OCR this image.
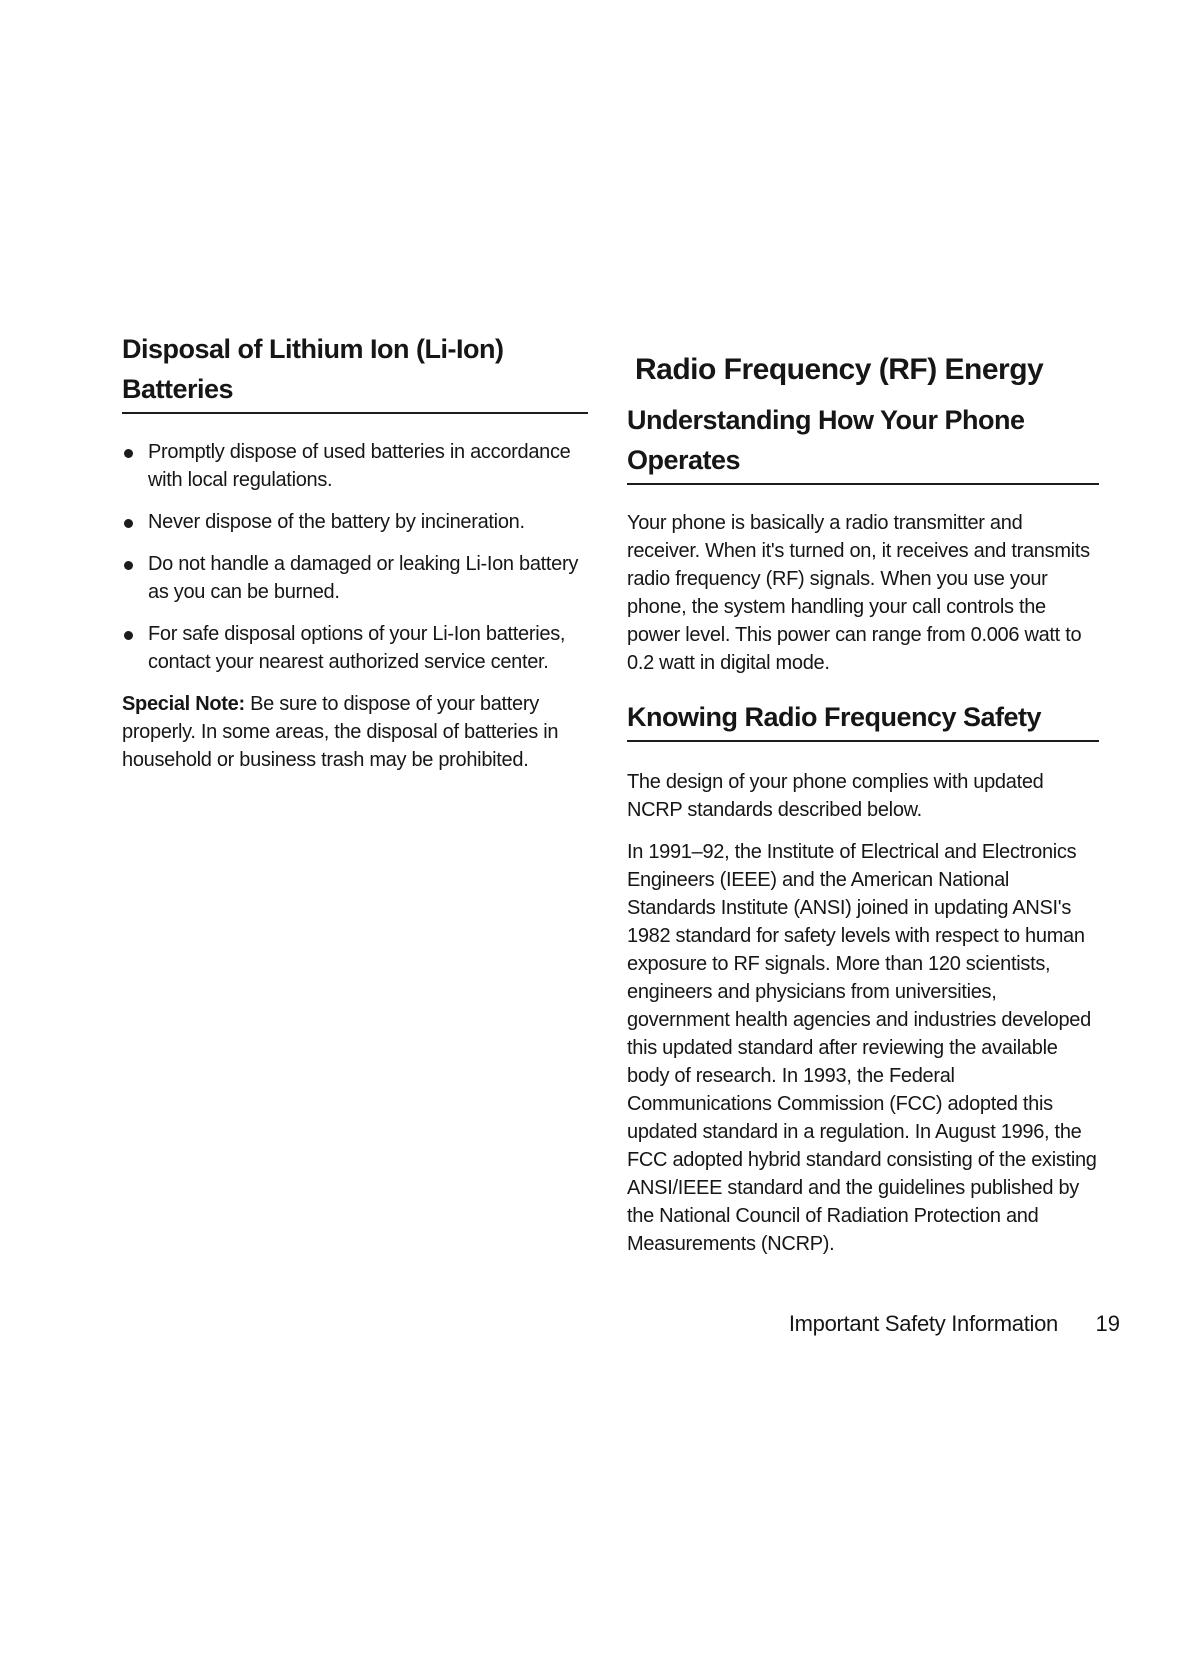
Disposal of Lithium Ion (Li-Ion) Batteries
Promptly dispose of used batteries in accordance with local regulations.
Never dispose of the battery by incineration.
Do not handle a damaged or leaking Li-Ion battery as you can be burned.
For safe disposal options of your Li-Ion batteries, contact your nearest authorized service center.

Special Note: Be sure to dispose of your battery properly. In some areas, the disposal of batteries in household or business trash may be prohibited.

Radio Frequency (RF) Energy
Understanding How Your Phone Operates

Your phone is basically a radio transmitter and receiver. When it's turned on, it receives and transmits radio frequency (RF) signals. When you use your phone, the system handling your call controls the power level. This power can range from 0.006 watt to 0.2 watt in digital mode.

Knowing Radio Frequency Safety

The design of your phone complies with updated NCRP standards described below.

In 1991–92, the Institute of Electrical and Electronics Engineers (IEEE) and the American National Standards Institute (ANSI) joined in updating ANSI's 1982 standard for safety levels with respect to human exposure to RF signals. More than 120 scientists, engineers and physicians from universities, government health agencies and industries developed this updated standard after reviewing the available body of research. In 1993, the Federal Communications Commission (FCC) adopted this updated standard in a regulation. In August 1996, the FCC adopted hybrid standard consisting of the existing ANSI/IEEE standard and the guidelines published by the National Council of Radiation Protection and Measurements (NCRP).

Important Safety Information 19
